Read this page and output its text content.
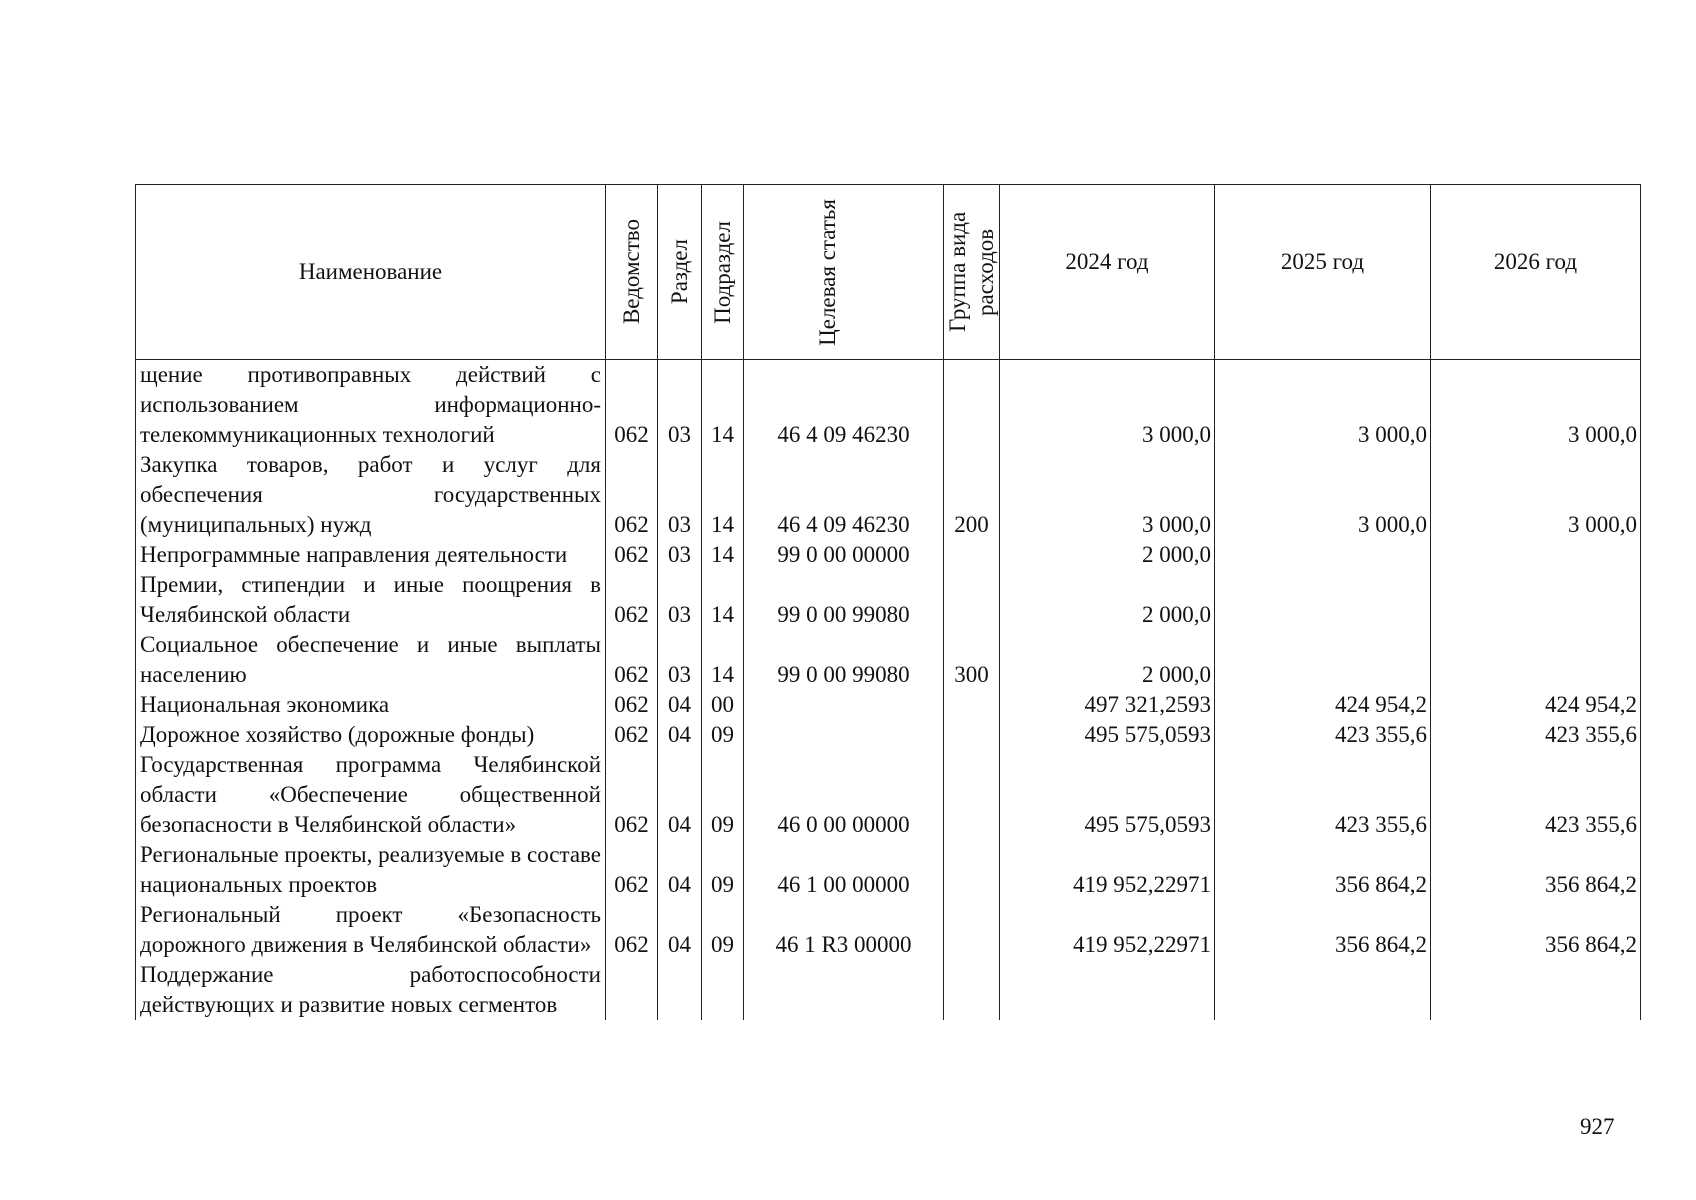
Наименование	Ведомство	Раздел	Подраздел	Целевая статья	Группа вида расходов	2024 год	2025 год	2026 год
щение противоправных действий с использованием информационно-телекоммуникационных технологий	062	03	14	46 4 09 46230		3 000,0	3 000,0	3 000,0
Закупка товаров, работ и услуг для обеспечения государственных (муниципальных) нужд	062	03	14	46 4 09 46230	200	3 000,0	3 000,0	3 000,0
Непрограммные направления деятельности	062	03	14	99 0 00 00000		2 000,0		
Премии, стипендии и иные поощрения в Челябинской области	062	03	14	99 0 00 99080		2 000,0		
Социальное обеспечение и иные выплаты населению	062	03	14	99 0 00 99080	300	2 000,0		
Национальная экономика	062	04	00			497 321,2593	424 954,2	424 954,2
Дорожное хозяйство (дорожные фонды)	062	04	09			495 575,0593	423 355,6	423 355,6
Государственная программа Челябинской области «Обеспечение общественной безопасности в Челябинской области»	062	04	09	46 0 00 00000		495 575,0593	423 355,6	423 355,6
Региональные проекты, реализуемые в составе национальных проектов	062	04	09	46 1 00 00000		419 952,22971	356 864,2	356 864,2
Региональный проект «Безопасность дорожного движения в Челябинской области»	062	04	09	46 1 R3 00000		419 952,22971	356 864,2	356 864,2
Поддержание работоспособности действующих и развитие новых сегментов								
927
